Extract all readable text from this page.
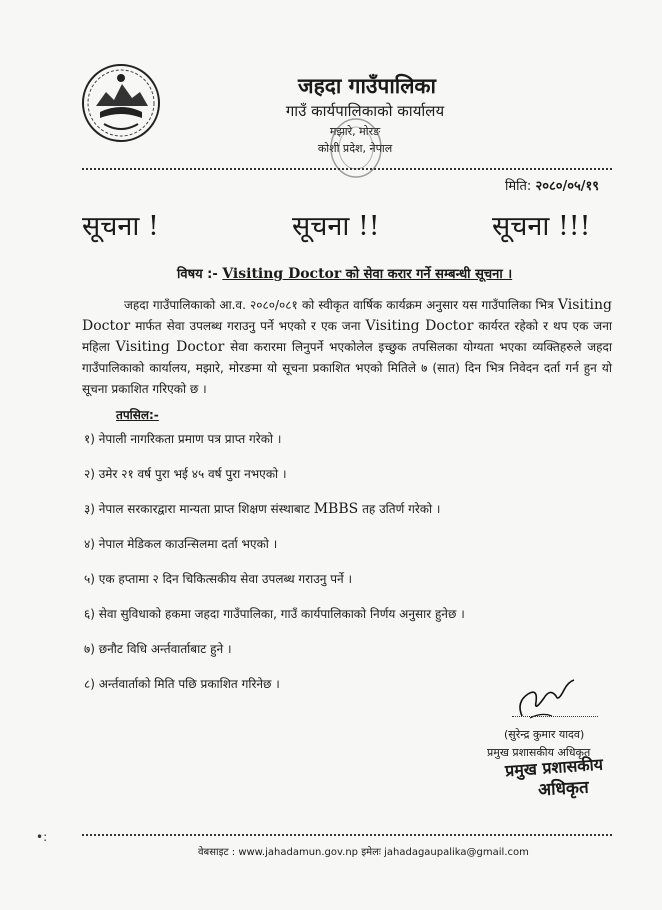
जहदा गाउँपालिका
गाउँ कार्यपालिकाको कार्यालय
मझारे, मोरङ
कोशी प्रदेश, नेपाल
मिति: २०८०/०५/१९
सूचना !	सूचना !!	सूचना !!!
विषय :- Visiting Doctor को सेवा करार गर्ने सम्बन्धी सूचना ।
जहदा गाउँपालिकाको आ.व. २०८०/०८१ को स्वीकृत वार्षिक कार्यक्रम अनुसार यस गाउँपालिका भित्र Visiting Doctor मार्फत सेवा उपलब्ध गराउनु पर्ने भएको र एक जना Visiting Doctor कार्यरत रहेको र थप एक जना महिला Visiting Doctor सेवा करारमा लिनुपर्ने भएकोलेल इच्छुक तपसिलका योग्यता भएका व्यक्तिहरुले जहदा गाउँपालिकाको कार्यालय, मझारे, मोरङमा यो सूचना प्रकाशित भएको मितिले ७ (सात) दिन भित्र निवेदन दर्ता गर्न हुन यो सूचना प्रकाशित गरिएको छ ।
तपसिल:-
१) नेपाली नागरिकता प्रमाण पत्र प्राप्त गरेको ।
२) उमेर २१ वर्ष पुरा भई ४५ वर्ष पुरा नभएको ।
३) नेपाल सरकारद्वारा मान्यता प्राप्त शिक्षण संस्थाबाट MBBS तह उतिर्ण गरेको ।
४) नेपाल मेडिकल काउन्सिलमा दर्ता भएको ।
५) एक हप्तामा २ दिन चिकित्सकीय सेवा उपलब्ध गराउनु पर्ने ।
६) सेवा सुविधाको हकमा जहदा गाउँपालिका, गाउँ कार्यपालिकाको निर्णय अनुसार हुनेछ ।
७) छनौट विधि अर्न्तवार्ताबाट हुने ।
८) अर्न्तवार्ताको मिति पछि प्रकाशित गरिनेछ ।
(सुरेन्द्र कुमार यादव)
प्रमुख प्रशासकीय अधिकृत
प्रमुख प्रशासकीय
अधिकृत
वेबसाइट : www.jahadamun.gov.np इमेलः jahadagaupalika@gmail.com
•:
